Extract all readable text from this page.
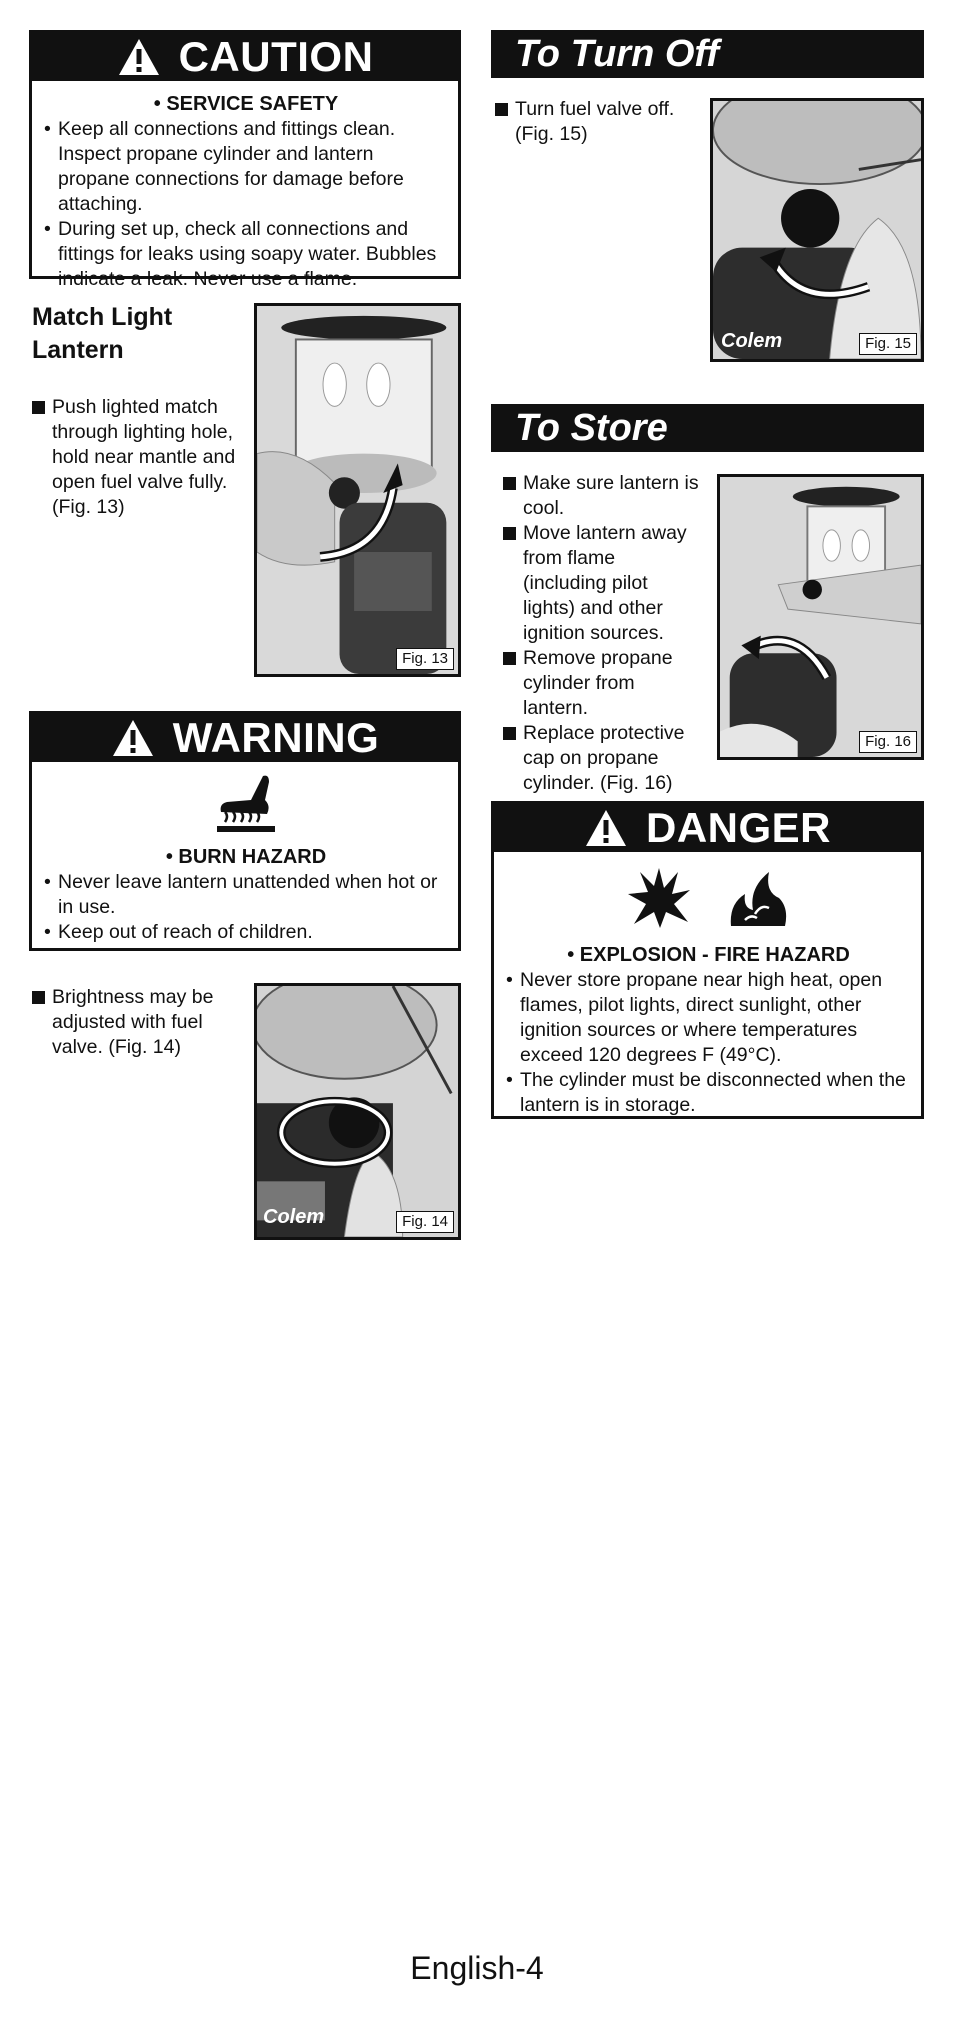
CAUTION
• SERVICE SAFETY

• Keep all connections and fittings clean. Inspect propane cylinder and lantern propane connections for damage before attaching.

• During set up, check all connections and fittings for leaks using soapy water. Bubbles indicate a leak. Never use a flame.

Match Light
Lantern

Push lighted match through lighting hole, hold near mantle and open fuel valve fully. (Fig. 13)

Fig. 13
WARNING
• BURN HAZARD

• Never leave lantern unattended when hot or in use.

• Keep out of reach of children.

Brightness may be adjusted with fuel valve. (Fig. 14)

Colem	Fig. 14
To Turn Off

Turn fuel valve off. (Fig. 15)

Colem	Fig. 15
To Store

Make sure lantern is cool.

Move lantern away from flame (including pilot lights) and other ignition sources.

Remove propane cylinder from lantern.

Replace protective cap on propane cylinder. (Fig. 16)

Fig. 16
DANGER

• EXPLOSION - FIRE HAZARD

• Never store propane near high heat, open flames, pilot lights, direct sunlight, other ignition sources or where temperatures exceed 120 degrees F (49°C).

• The cylinder must be disconnected when the lantern is in storage.

English-4
